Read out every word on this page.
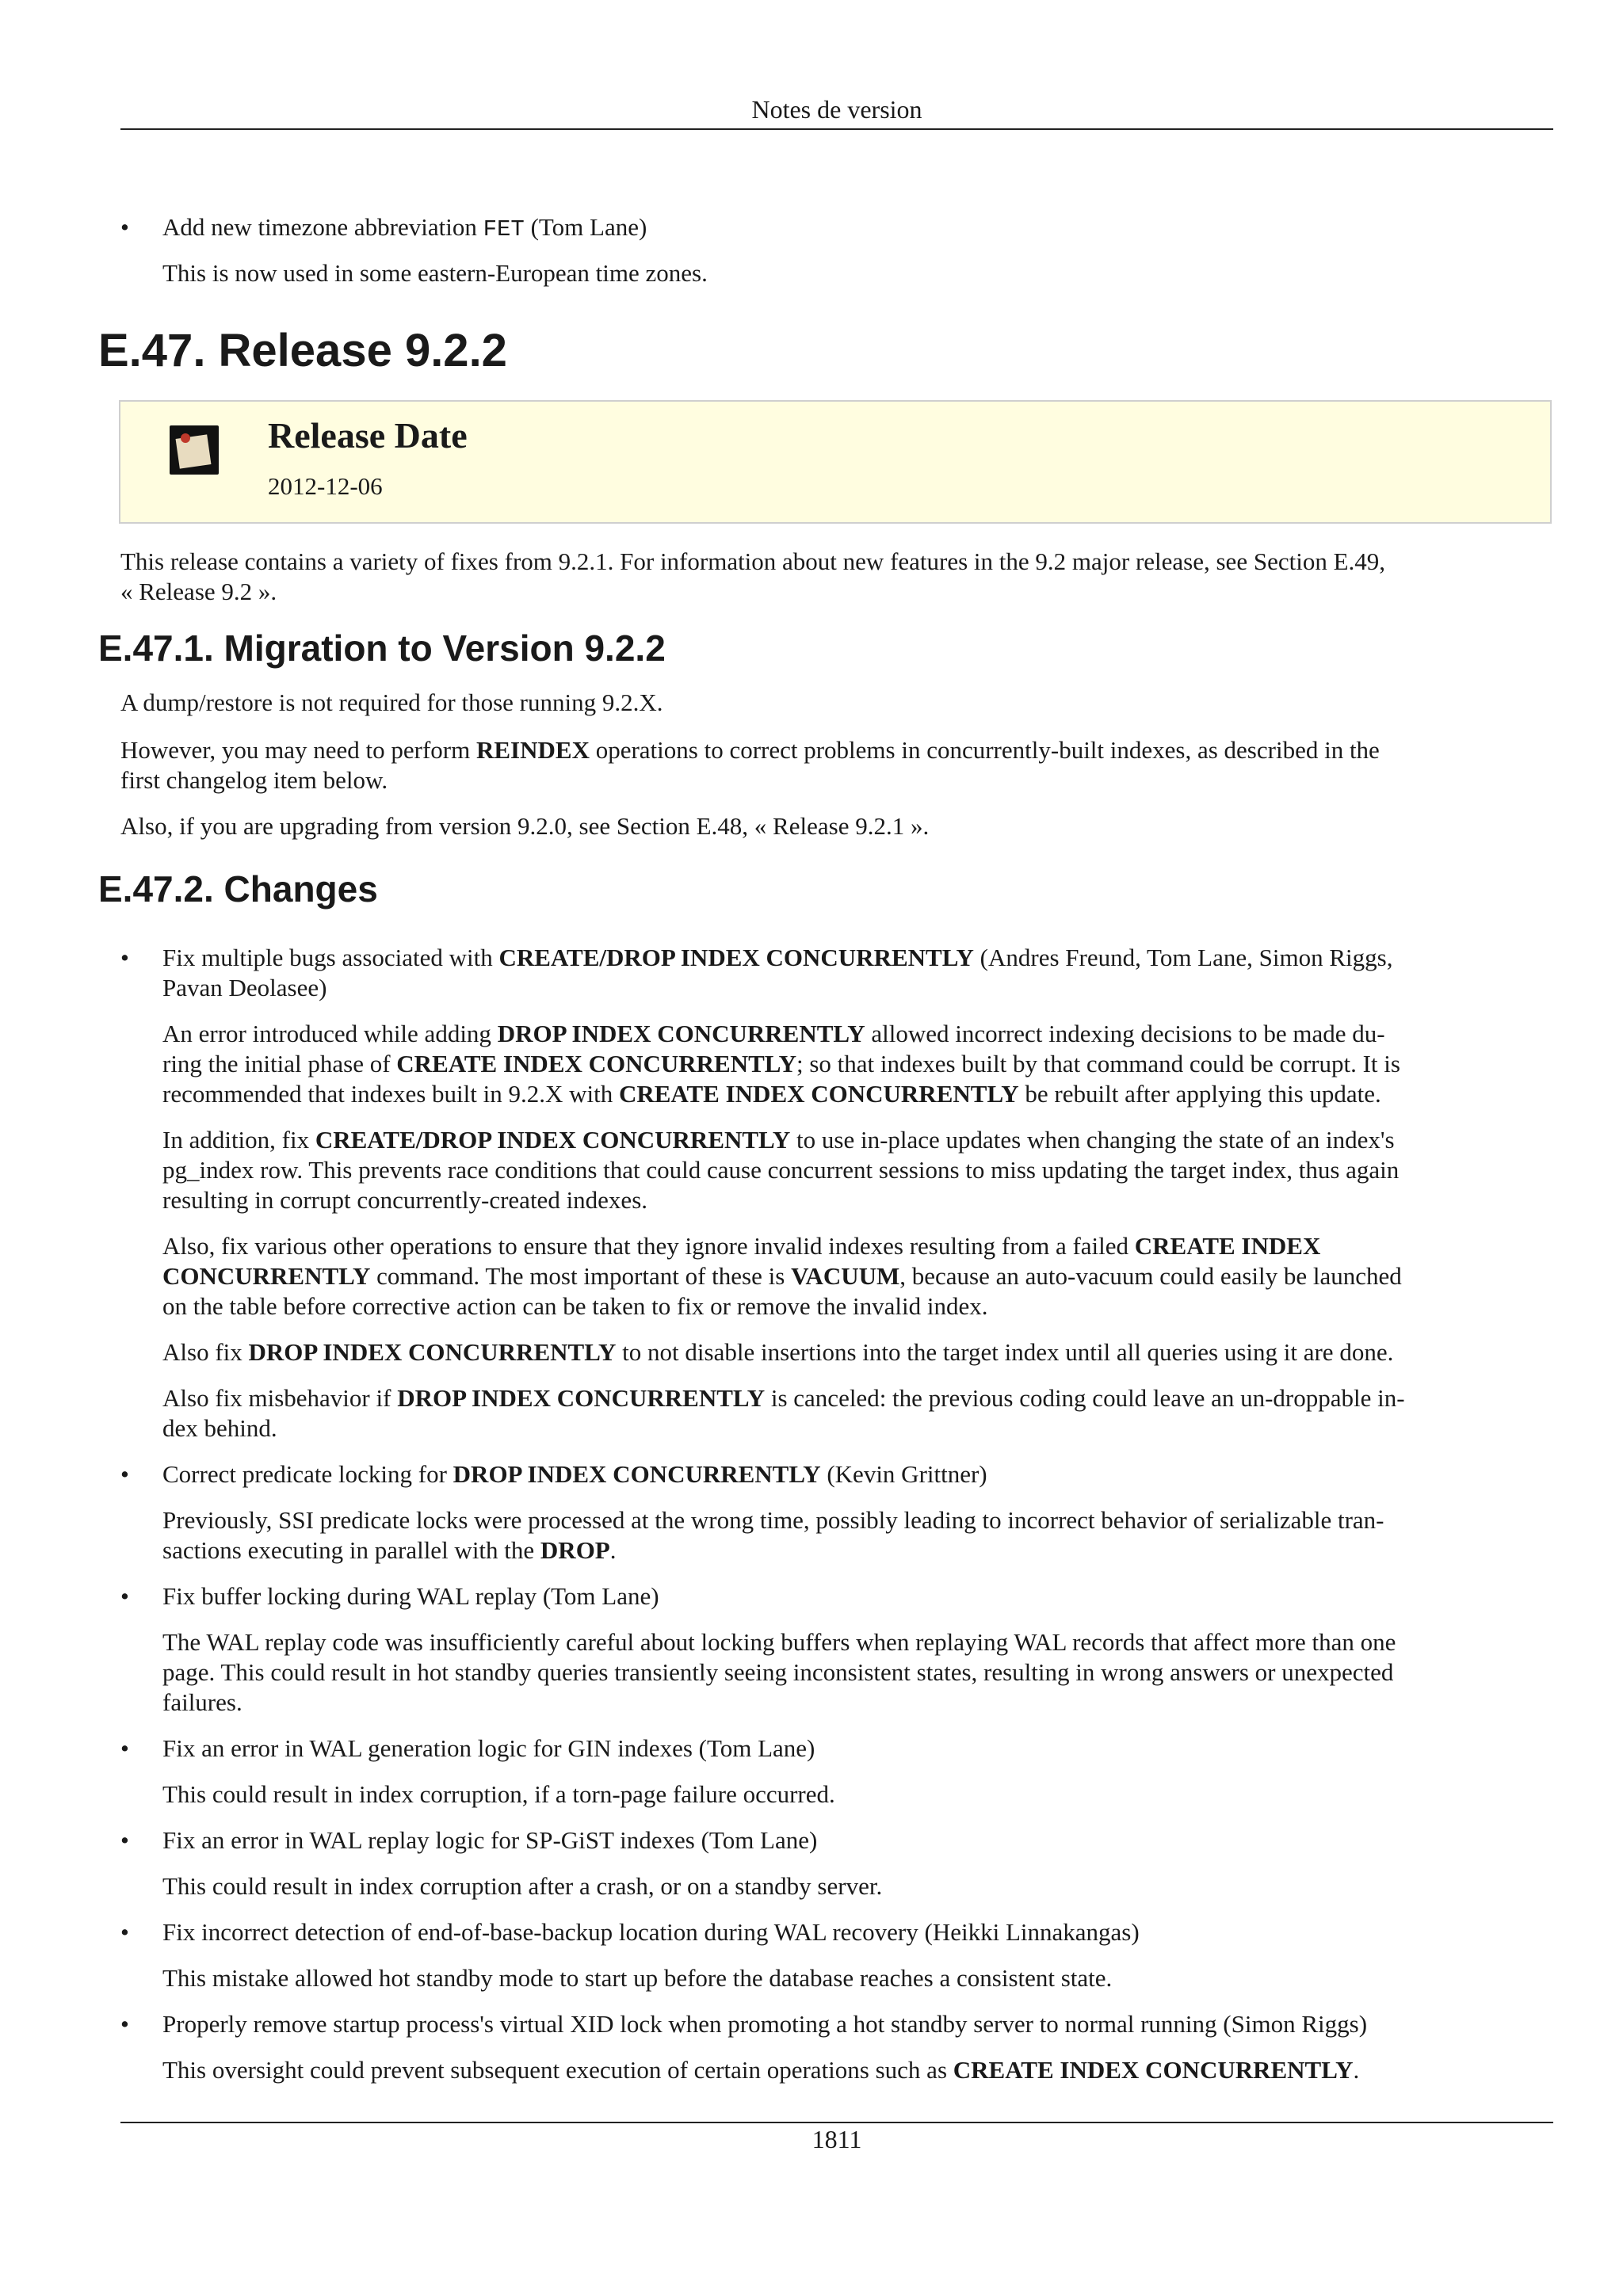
Notes de version
• Add new timezone abbreviation FET (Tom Lane)
This is now used in some eastern-European time zones.
E.47. Release 9.2.2
Release Date
2012-12-06
This release contains a variety of fixes from 9.2.1. For information about new features in the 9.2 major release, see Section E.49,
« Release 9.2 ».
E.47.1. Migration to Version 9.2.2
A dump/restore is not required for those running 9.2.X.
However, you may need to perform REINDEX operations to correct problems in concurrently-built indexes, as described in the
first changelog item below.
Also, if you are upgrading from version 9.2.0, see Section E.48, « Release 9.2.1 ».
E.47.2. Changes
• Fix multiple bugs associated with CREATE/DROP INDEX CONCURRENTLY (Andres Freund, Tom Lane, Simon Riggs,
Pavan Deolasee)
An error introduced while adding DROP INDEX CONCURRENTLY allowed incorrect indexing decisions to be made du-
ring the initial phase of CREATE INDEX CONCURRENTLY; so that indexes built by that command could be corrupt. It is
recommended that indexes built in 9.2.X with CREATE INDEX CONCURRENTLY be rebuilt after applying this update.
In addition, fix CREATE/DROP INDEX CONCURRENTLY to use in-place updates when changing the state of an index's
pg_index row. This prevents race conditions that could cause concurrent sessions to miss updating the target index, thus again
resulting in corrupt concurrently-created indexes.
Also, fix various other operations to ensure that they ignore invalid indexes resulting from a failed CREATE INDEX
CONCURRENTLY command. The most important of these is VACUUM, because an auto-vacuum could easily be launched
on the table before corrective action can be taken to fix or remove the invalid index.
Also fix DROP INDEX CONCURRENTLY to not disable insertions into the target index until all queries using it are done.
Also fix misbehavior if DROP INDEX CONCURRENTLY is canceled: the previous coding could leave an un-droppable in-
dex behind.
• Correct predicate locking for DROP INDEX CONCURRENTLY (Kevin Grittner)
Previously, SSI predicate locks were processed at the wrong time, possibly leading to incorrect behavior of serializable tran-
sactions executing in parallel with the DROP.
• Fix buffer locking during WAL replay (Tom Lane)
The WAL replay code was insufficiently careful about locking buffers when replaying WAL records that affect more than one
page. This could result in hot standby queries transiently seeing inconsistent states, resulting in wrong answers or unexpected
failures.
• Fix an error in WAL generation logic for GIN indexes (Tom Lane)
This could result in index corruption, if a torn-page failure occurred.
• Fix an error in WAL replay logic for SP-GiST indexes (Tom Lane)
This could result in index corruption after a crash, or on a standby server.
• Fix incorrect detection of end-of-base-backup location during WAL recovery (Heikki Linnakangas)
This mistake allowed hot standby mode to start up before the database reaches a consistent state.
• Properly remove startup process's virtual XID lock when promoting a hot standby server to normal running (Simon Riggs)
This oversight could prevent subsequent execution of certain operations such as CREATE INDEX CONCURRENTLY.
1811
